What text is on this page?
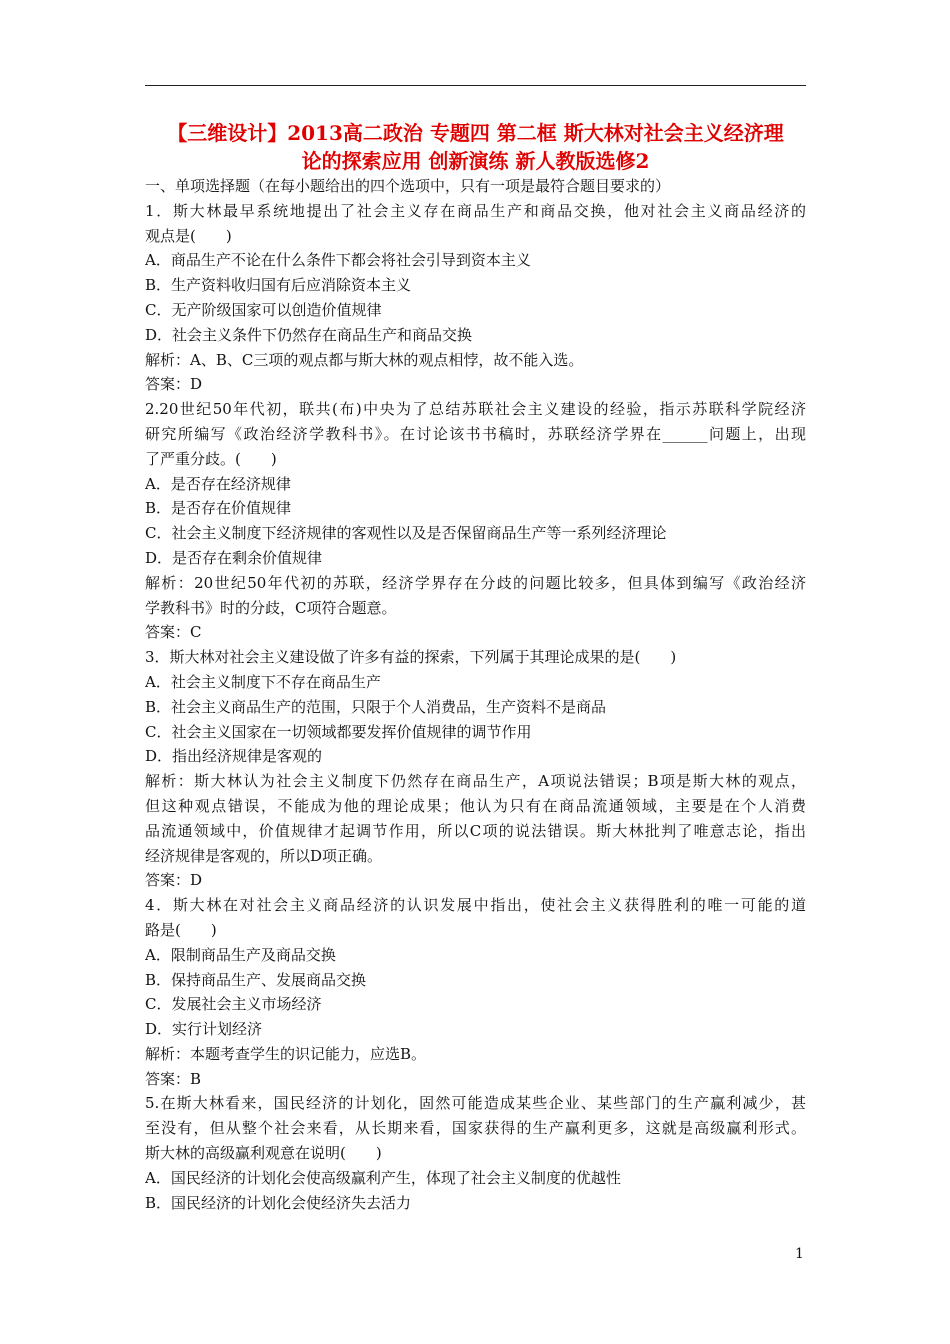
【三维设计】2013高二政治 专题四 第二框 斯大林对社会主义经济理
论的探索应用 创新演练 新人教版选修2
一、单项选择题（在每小题给出的四个选项中，只有一项是最符合题目要求的）
1．斯大林最早系统地提出了社会主义存在商品生产和商品交换，他对社会主义商品经济的
观点是(　　)
A．商品生产不论在什么条件下都会将社会引导到资本主义
B．生产资料收归国有后应消除资本主义
C．无产阶级国家可以创造价值规律
D．社会主义条件下仍然存在商品生产和商品交换
解析：A、B、C三项的观点都与斯大林的观点相悖，故不能入选。
答案：D
2.20世纪50年代初，联共(布)中央为了总结苏联社会主义建设的经验，指示苏联科学院经济
研究所编写《政治经济学教科书》。在讨论该书书稿时，苏联经济学界在______问题上，出现
了严重分歧。(　　)
A．是否存在经济规律
B．是否存在价值规律
C．社会主义制度下经济规律的客观性以及是否保留商品生产等一系列经济理论
D．是否存在剩余价值规律
解析：20世纪50年代初的苏联，经济学界存在分歧的问题比较多，但具体到编写《政治经济
学教科书》时的分歧，C项符合题意。
答案：C
3．斯大林对社会主义建设做了许多有益的探索，下列属于其理论成果的是(　　)
A．社会主义制度下不存在商品生产
B．社会主义商品生产的范围，只限于个人消费品，生产资料不是商品
C．社会主义国家在一切领域都要发挥价值规律的调节作用
D．指出经济规律是客观的
解析：斯大林认为社会主义制度下仍然存在商品生产，A项说法错误；B项是斯大林的观点，
但这种观点错误，不能成为他的理论成果；他认为只有在商品流通领域，主要是在个人消费
品流通领域中，价值规律才起调节作用，所以C项的说法错误。斯大林批判了唯意志论，指出
经济规律是客观的，所以D项正确。
答案：D
4．斯大林在对社会主义商品经济的认识发展中指出，使社会主义获得胜利的唯一可能的道
路是(　　)
A．限制商品生产及商品交换
B．保持商品生产、发展商品交换
C．发展社会主义市场经济
D．实行计划经济
解析：本题考查学生的识记能力，应选B。
答案：B
5.在斯大林看来，国民经济的计划化，固然可能造成某些企业、某些部门的生产赢利减少，甚
至没有，但从整个社会来看，从长期来看，国家获得的生产赢利更多，这就是高级赢利形式。
斯大林的高级赢利观意在说明(　　)
A．国民经济的计划化会使高级赢利产生，体现了社会主义制度的优越性
B．国民经济的计划化会使经济失去活力
1
